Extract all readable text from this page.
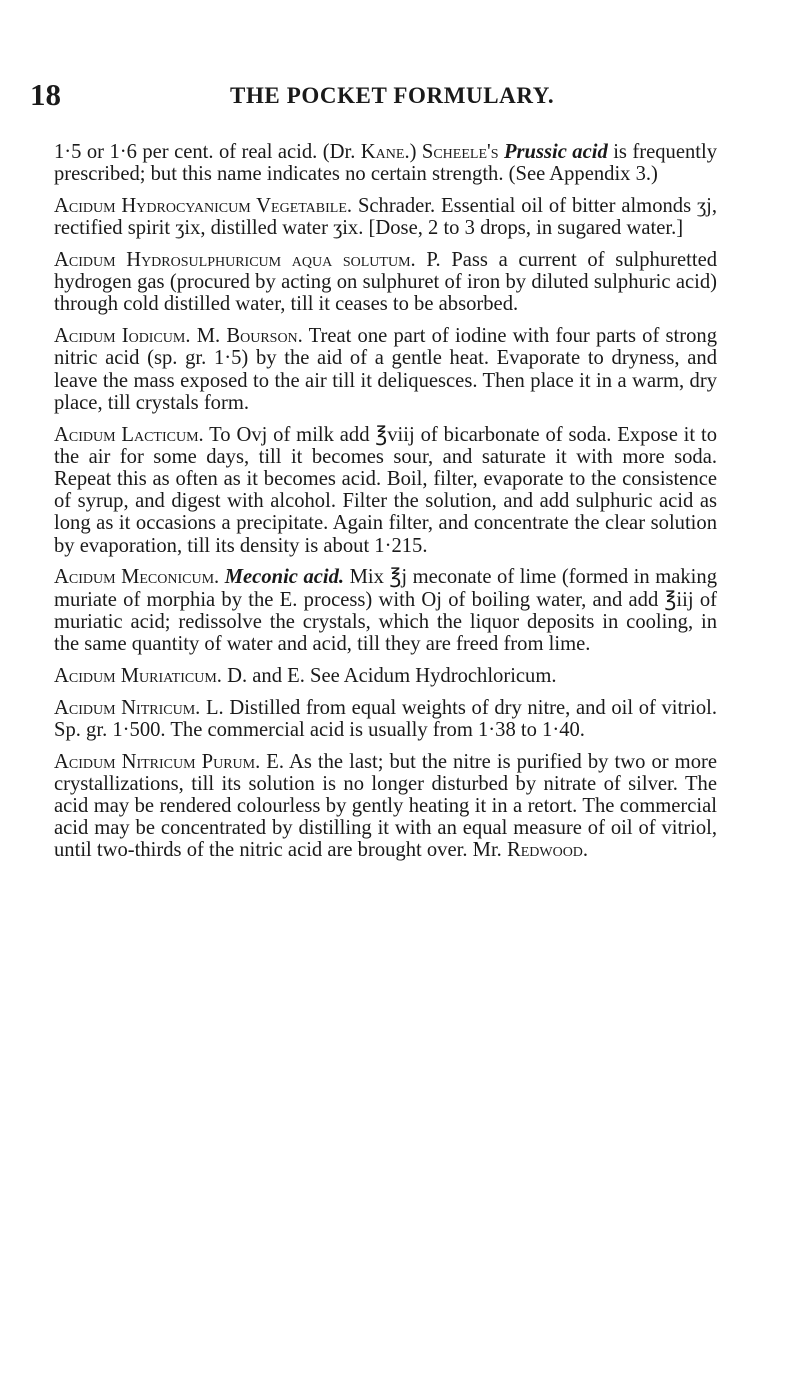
18	THE POCKET FORMULARY.

1·5 or 1·6 per cent. of real acid. (Dr. Kane.) Scheele's Prussic acid is frequently prescribed; but this name indicates no certain strength. (See Appendix 3.)

Acidum Hydrocyanicum Vegetabile. Schrader. Essential oil of bitter almonds ʒj, rectified spirit ʒix, distilled water ʒix. [Dose, 2 to 3 drops, in sugared water.]

Acidum Hydrosulphuricum aqua solutum. P. Pass a current of sulphuretted hydrogen gas (procured by acting on sulphuret of iron by diluted sulphuric acid) through cold distilled water, till it ceases to be absorbed.

Acidum Iodicum. M. Bourson. Treat one part of iodine with four parts of strong nitric acid (sp. gr. 1·5) by the aid of a gentle heat. Evaporate to dryness, and leave the mass exposed to the air till it deliquesces. Then place it in a warm, dry place, till crystals form.

Acidum Lacticum. To Ovj of milk add ℥viij of bicarbonate of soda. Expose it to the air for some days, till it becomes sour, and saturate it with more soda. Repeat this as often as it becomes acid. Boil, filter, evaporate to the consistence of syrup, and digest with alcohol. Filter the solution, and add sulphuric acid as long as it occasions a precipitate. Again filter, and concentrate the clear solution by evaporation, till its density is about 1·215.

Acidum Meconicum. Meconic acid. Mix ℥j meconate of lime (formed in making muriate of morphia by the E. process) with Oj of boiling water, and add ℥iij of muriatic acid; redissolve the crystals, which the liquor deposits in cooling, in the same quantity of water and acid, till they are freed from lime.

Acidum Muriaticum. D. and E. See Acidum Hydrochloricum.

Acidum Nitricum. L. Distilled from equal weights of dry nitre, and oil of vitriol. Sp. gr. 1·500. The commercial acid is usually from 1·38 to 1·40.

Acidum Nitricum Purum. E. As the last; but the nitre is purified by two or more crystallizations, till its solution is no longer disturbed by nitrate of silver. The acid may be rendered colourless by gently heating it in a retort. The commercial acid may be concentrated by distilling it with an equal measure of oil of vitriol, until two-thirds of the nitric acid are brought over. Mr. Redwood.
